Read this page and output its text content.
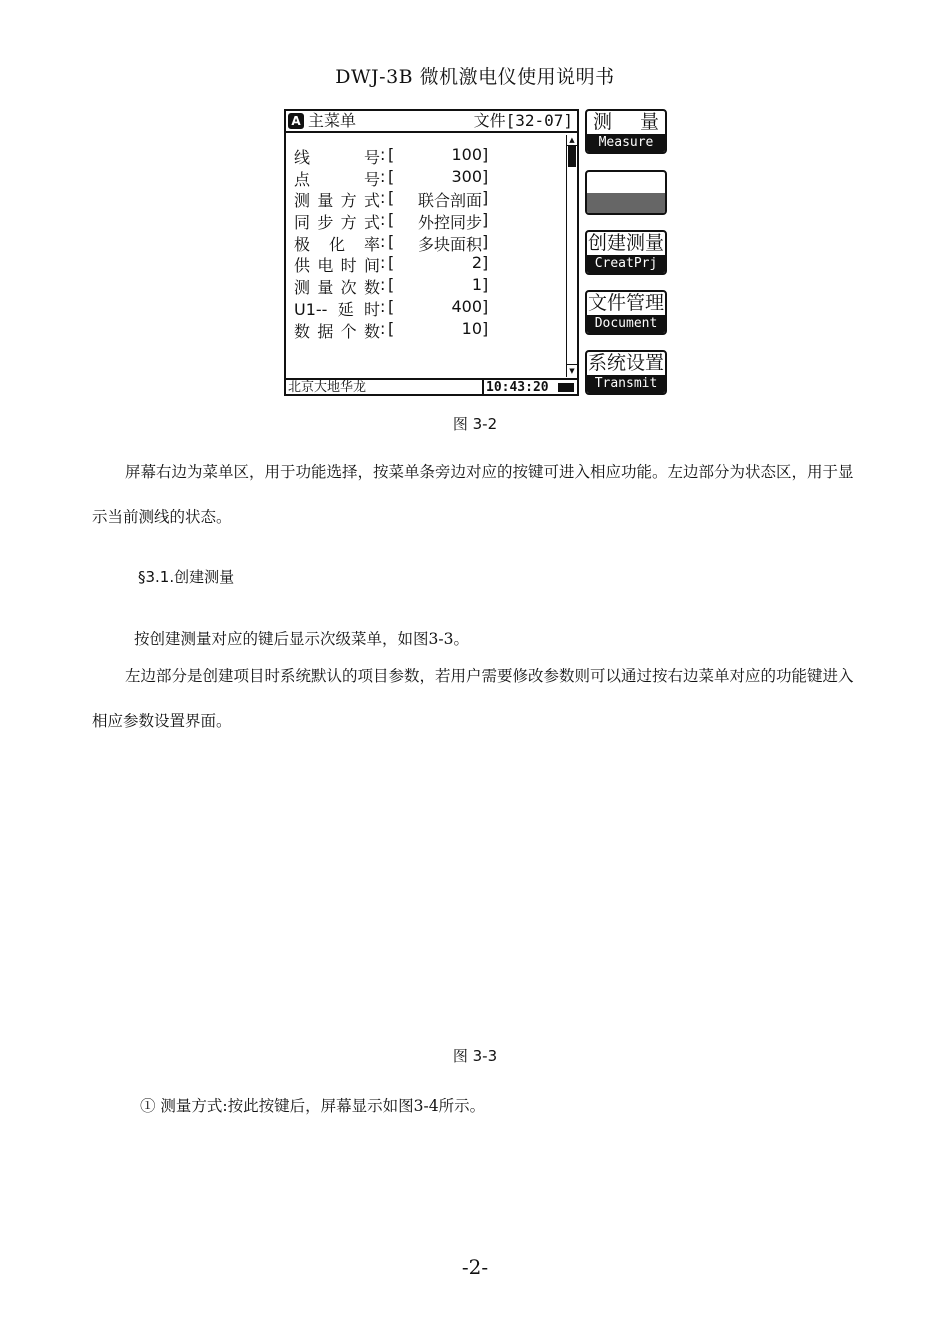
DWJ-3B 微机激电仪使用说明书
A 主菜单	文件[32-07]
线号 : [	100 ]
点号 : [	300 ]
测量方式 : [	联合剖面 ]
同步方式 : [	外控同步 ]
极化率 : [	多块面积 ]
供电时间 : [	2 ]
测量次数 : [	1 ]
U1--延时 : [	400 ]
数据个数 : [	10 ]
▲
▼
北京大地华龙	10:43:20
测量
Measure
创建测量
CreatPrj
文件管理
Document
系统设置
Transmit
图 3-2
屏幕右边为菜单区，用于功能选择，按菜单条旁边对应的按键可进入相应功能。左边部分为状态区，用于显示当前测线的状态。
§3.1.创建测量
按创建测量对应的键后显示次级菜单，如图3-3。
左边部分是创建项目时系统默认的项目参数，若用户需要修改参数则可以通过按右边菜单对应的功能键进入相应参数设置界面。
图 3-3
① 测量方式:按此按键后，屏幕显示如图3-4所示。
-2-
